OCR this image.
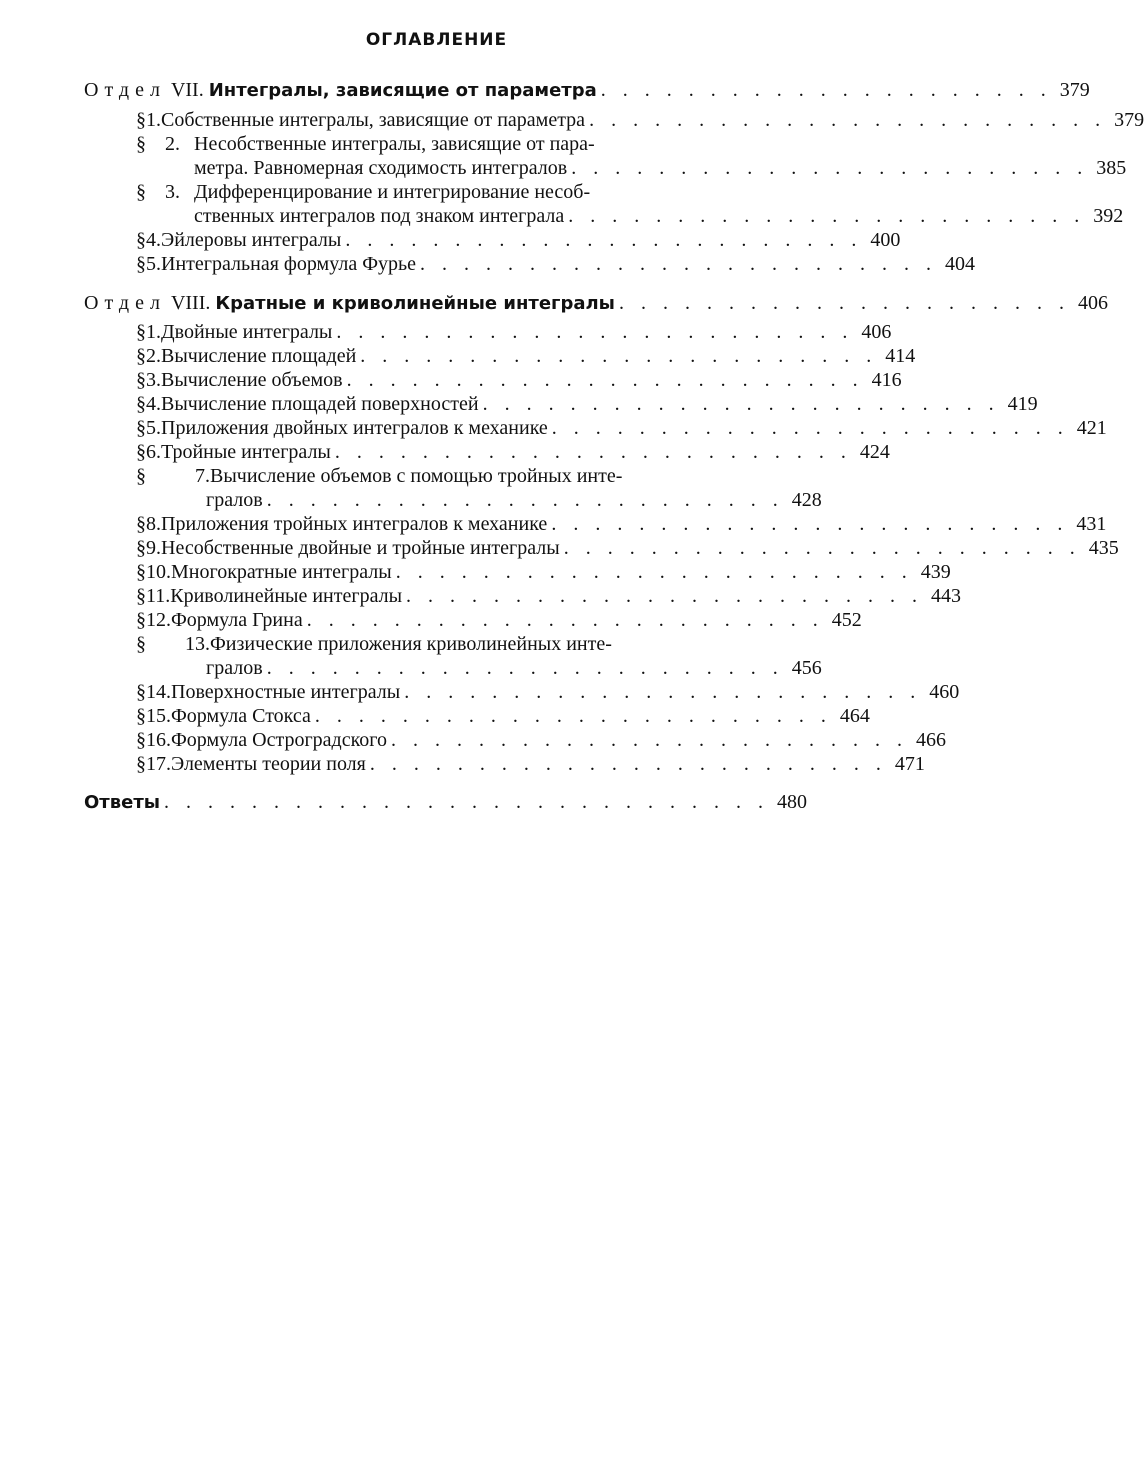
ОГЛАВЛЕНИЕ
Отдел VII. Интегралы, зависящие от параметра . . . . . . . . . . . . . . . . . . . . . 379
§ 1. Собственные интегралы, зависящие от параметра . . . . . . . . . . . . . . . . . . . . . . . . 379
§ 2. Несобственные интегралы, зависящие от пара-
метра. Равномерная сходимость интегралов . . . . . . . . . . . . . . . . . . . . . . . . 385
§ 3. Дифференцирование и интегрирование несоб-
ственных интегралов под знаком интеграла . . . . . . . . . . . . . . . . . . . . . . . . 392
§ 4. Эйлеровы интегралы . . . . . . . . . . . . . . . . . . . . . . . . 400
§ 5. Интегральная формула Фурье . . . . . . . . . . . . . . . . . . . . . . . . 404
Отдел VIII. Кратные и криволинейные интегралы . . . . . . . . . . . . . . . . . . . . . 406
§ 1. Двойные интегралы . . . . . . . . . . . . . . . . . . . . . . . . 406
§ 2. Вычисление площадей . . . . . . . . . . . . . . . . . . . . . . . . 414
§ 3. Вычисление объемов . . . . . . . . . . . . . . . . . . . . . . . . 416
§ 4. Вычисление площадей поверхностей . . . . . . . . . . . . . . . . . . . . . . . . 419
§ 5. Приложения двойных интегралов к механике . . . . . . . . . . . . . . . . . . . . . . . . 421
§ 6. Тройные интегралы . . . . . . . . . . . . . . . . . . . . . . . . 424
§	7. Вычисление объемов с помощью тройных инте-
гралов . . . . . . . . . . . . . . . . . . . . . . . . 428
§ 8. Приложения тройных интегралов к механике . . . . . . . . . . . . . . . . . . . . . . . . 431
§ 9. Несобственные двойные и тройные интегралы . . . . . . . . . . . . . . . . . . . . . . . . 435
§ 10. Многократные интегралы . . . . . . . . . . . . . . . . . . . . . . . . 439
§ 11. Криволинейные интегралы . . . . . . . . . . . . . . . . . . . . . . . . 443
§ 12. Формула Грина . . . . . . . . . . . . . . . . . . . . . . . . 452
§	13. Физические приложения криволинейных инте-
гралов . . . . . . . . . . . . . . . . . . . . . . . . 456
§ 14. Поверхностные интегралы . . . . . . . . . . . . . . . . . . . . . . . . 460
§ 15. Формула Стокса . . . . . . . . . . . . . . . . . . . . . . . . 464
§ 16. Формула Остроградского . . . . . . . . . . . . . . . . . . . . . . . . 466
§ 17. Элементы теории поля . . . . . . . . . . . . . . . . . . . . . . . . 471
Ответы . . . . . . . . . . . . . . . . . . . . . . . . . . . . 480
